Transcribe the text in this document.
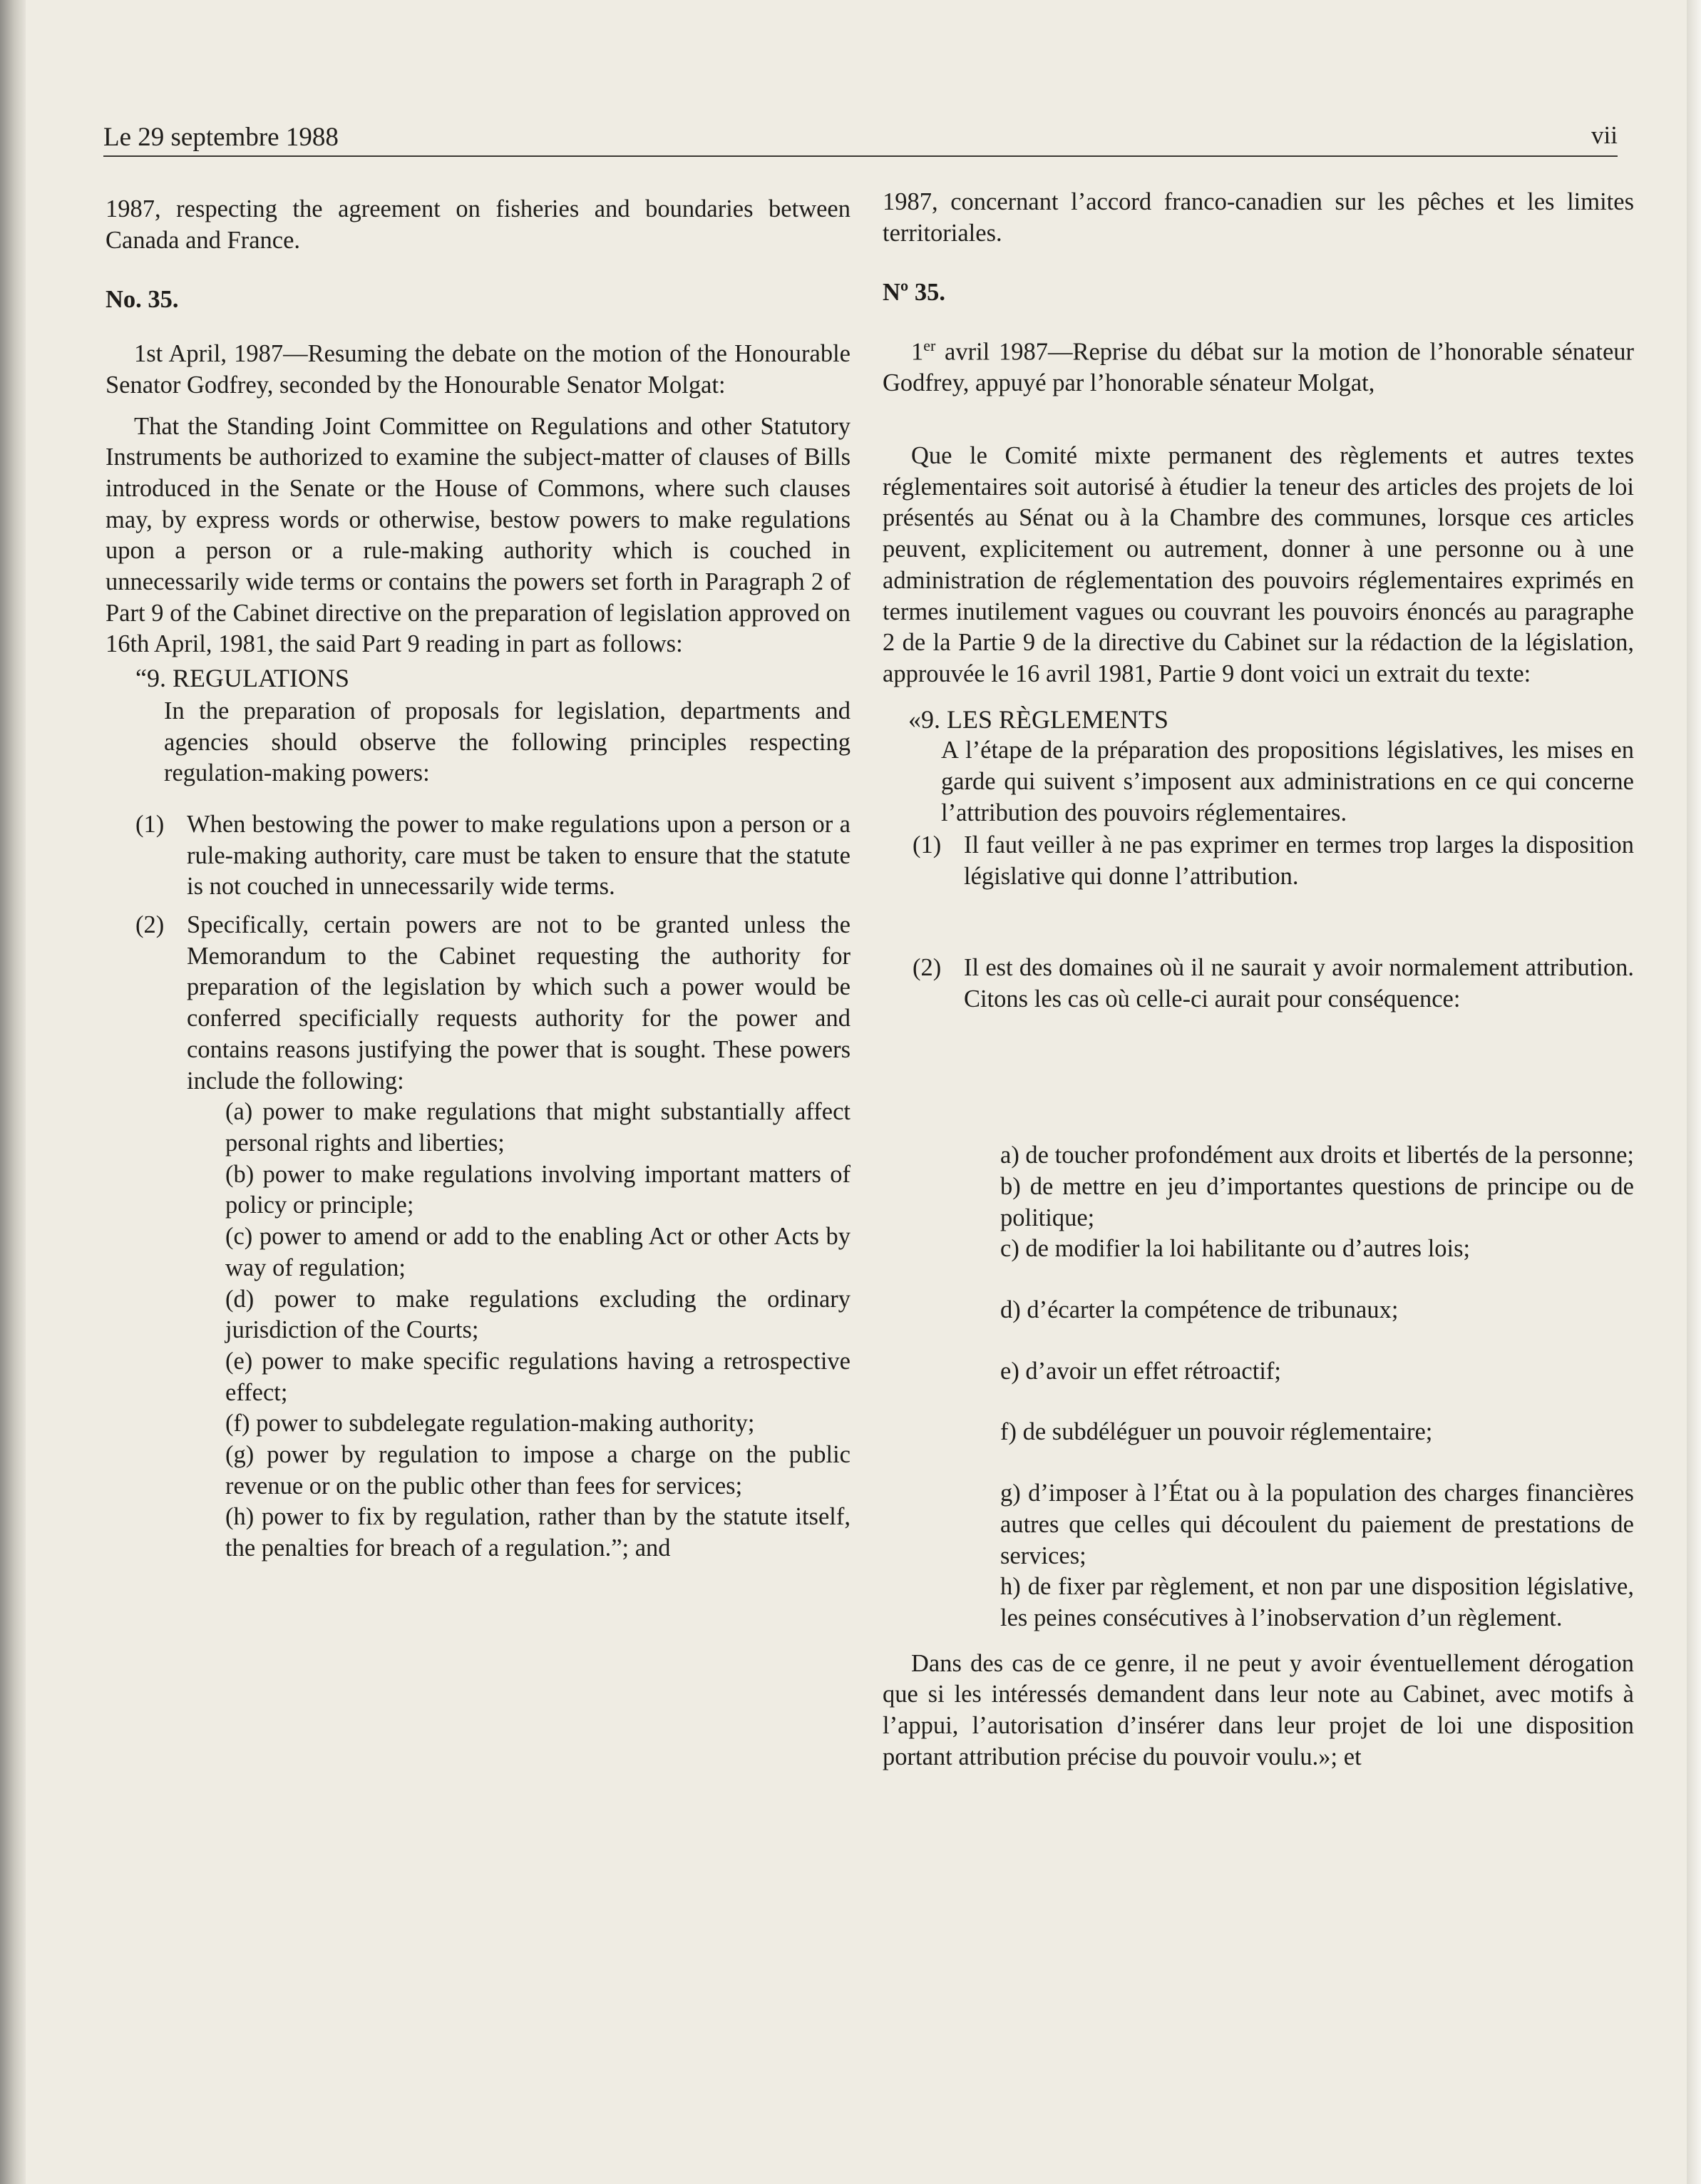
Le 29 septembre 1988	vii

1987, respecting the agreement on fisheries and boundaries between Canada and France.

No. 35.

1st April, 1987—Resuming the debate on the motion of the Honourable Senator Godfrey, seconded by the Honourable Senator Molgat:

That the Standing Joint Committee on Regulations and other Statutory Instruments be authorized to examine the subject-matter of clauses of Bills introduced in the Senate or the House of Commons, where such clauses may, by express words or otherwise, bestow powers to make regulations upon a person or a rule-making authority which is couched in unnecessarily wide terms or contains the powers set forth in Paragraph 2 of Part 9 of the Cabinet directive on the preparation of legislation approved on 16th April, 1981, the said Part 9 reading in part as follows:

“9. REGULATIONS

In the preparation of proposals for legislation, departments and agencies should observe the following principles respecting regulation-making powers:

(1) When bestowing the power to make regulations upon a person or a rule-making authority, care must be taken to ensure that the statute is not couched in unnecessarily wide terms.
(2) Specifically, certain powers are not to be granted unless the Memorandum to the Cabinet requesting the authority for preparation of the legislation by which such a power would be conferred specificially requests authority for the power and contains reasons justifying the power that is sought. These powers include the following:

(a) power to make regulations that might substantially affect personal rights and liberties;

(b) power to make regulations involving important matters of policy or principle;

(c) power to amend or add to the enabling Act or other Acts by way of regulation;

(d) power to make regulations excluding the ordinary jurisdiction of the Courts;

(e) power to make specific regulations having a retrospective effect;

(f) power to subdelegate regulation-making authority;

(g) power by regulation to impose a charge on the public revenue or on the public other than fees for services;

(h) power to fix by regulation, rather than by the statute itself, the penalties for breach of a regulation.”; and

1987, concernant l’accord franco-canadien sur les pêches et les limites territoriales.

Nº 35.

1er avril 1987—Reprise du débat sur la motion de l’honorable sénateur Godfrey, appuyé par l’honorable sénateur Molgat,

Que le Comité mixte permanent des règlements et autres textes réglementaires soit autorisé à étudier la teneur des articles des projets de loi présentés au Sénat ou à la Chambre des communes, lorsque ces articles peuvent, explicitement ou autrement, donner à une personne ou à une administration de réglementation des pouvoirs réglementaires exprimés en termes inutilement vagues ou couvrant les pouvoirs énoncés au paragraphe 2 de la Partie 9 de la directive du Cabinet sur la rédaction de la législation, approuvée le 16 avril 1981, Partie 9 dont voici un extrait du texte:

«9. LES RÈGLEMENTS

A l’étape de la préparation des propositions législatives, les mises en garde qui suivent s’imposent aux administrations en ce qui concerne l’attribution des pouvoirs réglementaires.

(1) Il faut veiller à ne pas exprimer en termes trop larges la disposition législative qui donne l’attribution.
(2) Il est des domaines où il ne saurait y avoir normalement attribution. Citons les cas où celle-ci aurait pour conséquence:

a) de toucher profondément aux droits et libertés de la personne;

b) de mettre en jeu d’importantes questions de principe ou de politique;

c) de modifier la loi habilitante ou d’autres lois;

d) d’écarter la compétence de tribunaux;

e) d’avoir un effet rétroactif;

f) de subdéléguer un pouvoir réglementaire;

g) d’imposer à l’État ou à la population des charges financières autres que celles qui découlent du paiement de prestations de services;

h) de fixer par règlement, et non par une disposition législative, les peines consécutives à l’inobservation d’un règlement.

Dans des cas de ce genre, il ne peut y avoir éventuellement dérogation que si les intéressés demandent dans leur note au Cabinet, avec motifs à l’appui, l’autorisation d’insérer dans leur projet de loi une disposition portant attribution précise du pouvoir voulu.»; et
